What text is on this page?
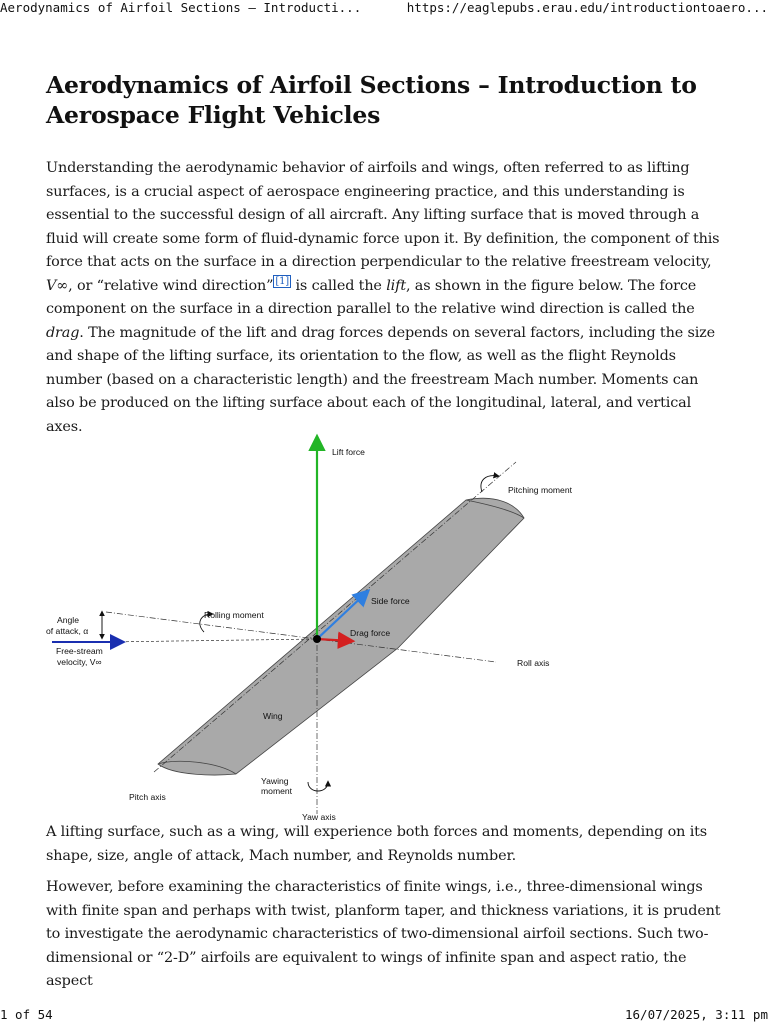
Aerodynamics of Airfoil Sections – Introducti...	https://eaglepubs.erau.edu/introductiontoaero...
Aerodynamics of Airfoil Sections – Introduction to Aerospace Flight Vehicles

Understanding the aerodynamic behavior of airfoils and wings, often referred to as lifting surfaces, is a crucial aspect of aerospace engineering practice, and this understanding is essential to the successful design of all aircraft. Any lifting surface that is moved through a fluid will create some form of fluid-dynamic force upon it. By definition, the component of this force that acts on the surface in a direction perpendicular to the relative freestream velocity, V∞, or “relative wind direction” [1] is called the lift, as shown in the figure below. The force component on the surface in a direction parallel to the relative wind direction is called the drag. The magnitude of the lift and drag forces depends on several factors, including the size and shape of the lifting surface, its orientation to the flow, as well as the flight Reynolds number (based on a characteristic length) and the freestream Mach number. Moments can also be produced on the lifting surface about each of the longitudinal, lateral, and vertical axes.

Lift force
Pitching moment
Angle
of attack, α
Rolling moment
Side force
Drag force
Free-stream
velocity, V∞	Roll axis
Wing
Yawing
moment
Pitch axis
Yaw axis

A lifting surface, such as a wing, will experience both forces and moments, depending on its shape, size, angle of attack, Mach number, and Reynolds number.

However, before examining the characteristics of finite wings, i.e., three-dimensional wings with finite span and perhaps with twist, planform taper, and thickness variations, it is prudent to investigate the aerodynamic characteristics of two-dimensional airfoil sections. Such two-dimensional or “2-D” airfoils are equivalent to wings of infinite span and aspect ratio, the aspect

1 of 54	16/07/2025, 3:11 pm
